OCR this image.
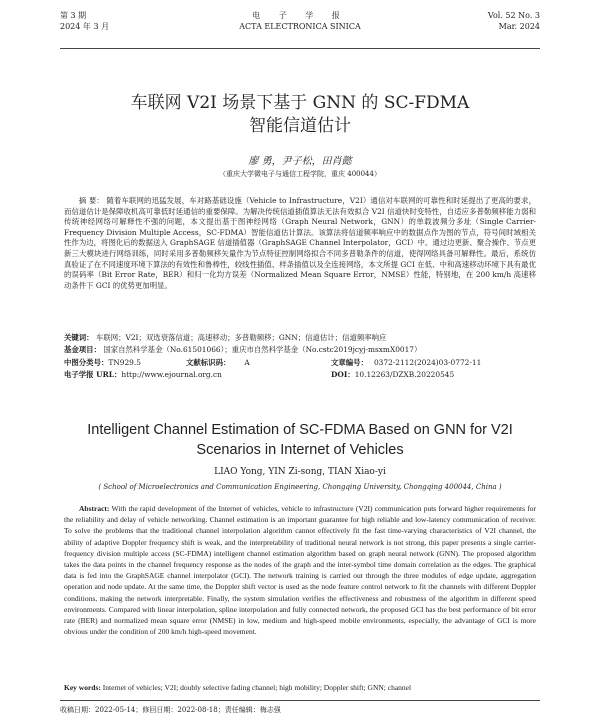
第 3 期
2024 年 3 月
电 子 学 报
ACTA ELECTRONICA SINICA
Vol. 52 No. 3
Mar. 2024
车联网 V2I 场景下基于 GNN 的 SC-FDMA
智能信道估计
廖 勇，尹子松，田肖懿
（重庆大学微电子与通信工程学院，重庆 400044）
摘 要： 随着车联网的迅猛发展，车对路基础设施（Vehicle to Infrastructure，V2I）通信对车联网的可靠性和时延提出了更高的要求，而信道估计是保障收机高可靠低时延通信的重要保障。为解决传统信道插值算法无法有效拟合 V2I 信道快时变特性，自适应多普勒频移能力弱和传统神经网络可解释性不强的问题，本文提出基于图神经网络（Graph Neural Network，GNN）的单载波频分多址（Single Carrier-Frequency Division Multiple Access，SC-FDMA）智能信道估计算法。该算法将信道频率响应中的数据点作为图的节点，符号间时域相关性作为边，将图化后的数据送入 GraphSAGE 信道插值器（GraphSAGE Channel Interpolator，GCI）中。通过边更新、聚合操作、节点更新三大模块进行网络训练，同时采用多普勒频移矢量作为节点特征控制网络拟合不同多普勒条件的信道，使得网络具备可解释性。最后，系统仿真验证了在不同速度环境下算法的有效性和鲁棒性，较线性插值、样条插值以及全连接网络，本文所提 GCI 在低、中和高速移动环境下具有最优的误码率（Bit Error Rate，BER）和归一化均方误差（Normalized Mean Square Error，NMSE）性能，特别地，在 200 km/h 高速移动条件下 GCI 的优势更加明显。
关键词： 车联网；V2I；双选衰落信道；高速移动；多普勒频移；GNN；信道估计；信道频率响应
基金项目： 国家自然科学基金（No.61501066）；重庆市自然科学基金（No.cstc2019jcyj-msxmX0017）
中图分类号：TN929.5	文献标识码： A	文章编号： 0372-2112(2024)03-0772-11
电子学报 URL：http://www.ejournal.org.cn	DOI：10.12263/DZXB.20220545
Intelligent Channel Estimation of SC-FDMA Based on GNN for V2I
Scenarios in Internet of Vehicles
LIAO Yong, YIN Zi-song, TIAN Xiao-yi
( School of Microelectronics and Communication Engineering, Chongqing University, Chongqing 400044, China )
Abstract: With the rapid development of the Internet of vehicles, vehicle to infrastructure (V2I) communication puts forward higher requirements for the reliability and delay of vehicle networking. Channel estimation is an important guarantee for high reliable and low-latency communication of receiver. To solve the problems that the traditional channel interpolation algorithm cannot effectively fit the fast time-varying characteristics of V2I channel, the ability of adaptive Doppler frequency shift is weak, and the interpretability of traditional neural network is not strong, this paper presents a single carrier-frequency division multiple access (SC-FDMA) intelligent channel estimation algorithm based on graph neural network (GNN). The proposed algorithm takes the data points in the channel frequency response as the nodes of the graph and the inter-symbol time domain correlation as the edges. The graphical data is fed into the GraphSAGE channel interpolator (GCI). The network training is carried out through the three modules of edge update, aggregation operation and node update. At the same time, the Doppler shift vector is used as the node feature control network to fit the channels with different Doppler conditions, making the network interpretable. Finally, the system simulation verifies the effectiveness and robustness of the algorithm in different speed environments. Compared with linear interpolation, spline interpolation and fully connected network, the proposed GCI has the best performance of bit error rate (BER) and normalized mean square error (NMSE) in low, medium and high-speed mobile environments, especially, the advantage of GCI is more obvious under the condition of 200 km/h high-speed movement.
Key words: Internet of vehicles; V2I; doubly selective fading channel; high mobility; Doppler shift; GNN; channel
收稿日期：2022-05-14；修回日期：2022-08-18；责任编辑：梅志强
